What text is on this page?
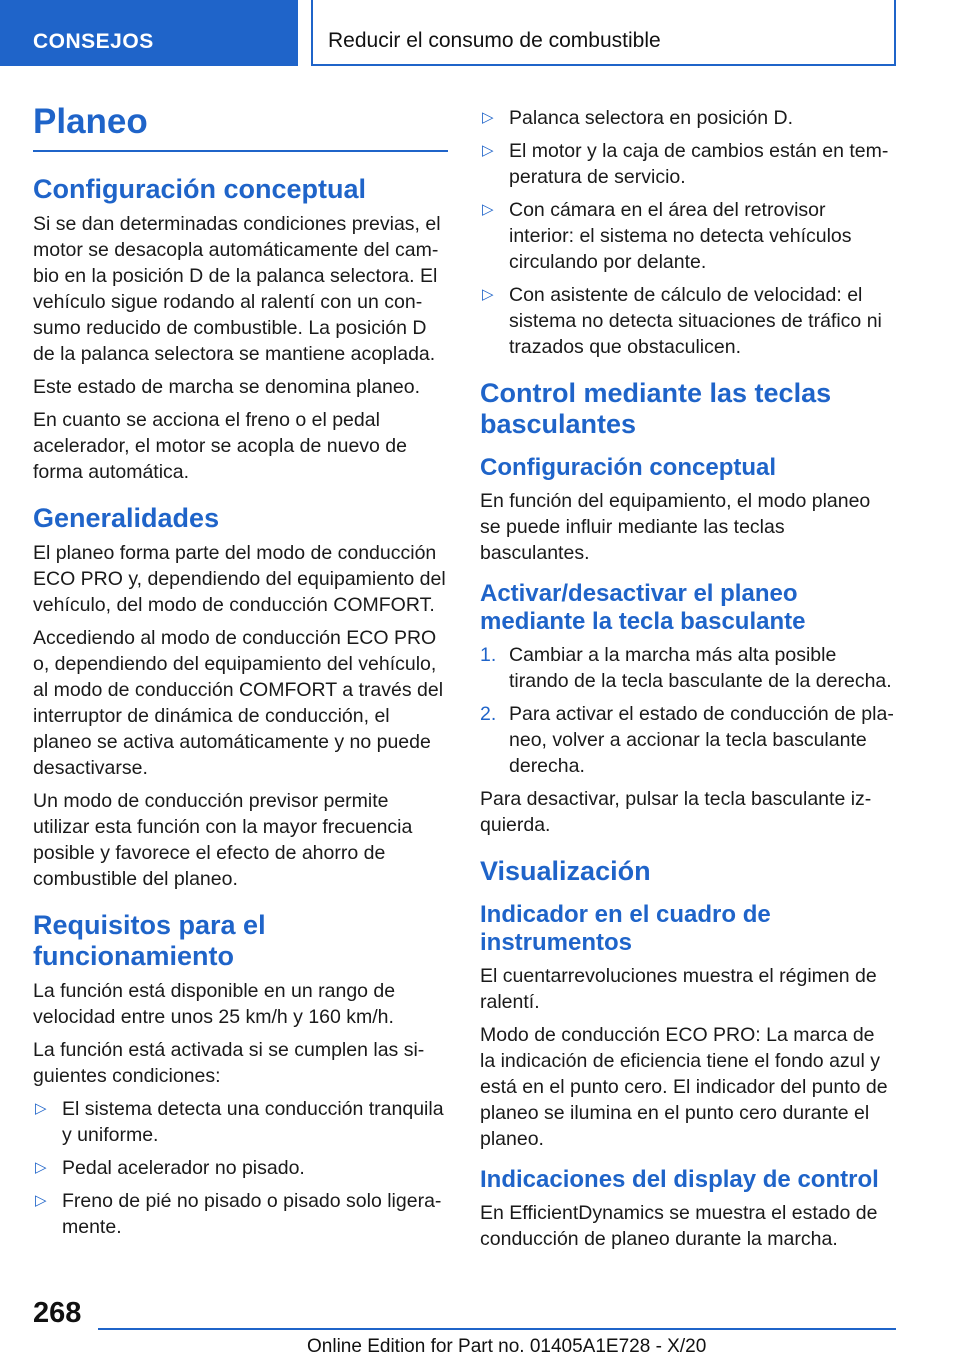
CONSEJOS	Reducir el consumo de combustible
Planeo
Configuración conceptual

Si se dan determinadas condiciones previas, el motor se desacopla automáticamente del cambio en la posición D de la palanca selectora. El vehículo sigue rodando al ralentí con un consumo reducido de combustible. La posición D de la palanca selectora se mantiene acoplada.

Este estado de marcha se denomina planeo.

En cuanto se acciona el freno o el pedal acelerador, el motor se acopla de nuevo de forma automática.

Generalidades

El planeo forma parte del modo de conducción ECO PRO y, dependiendo del equipamiento del vehículo, del modo de conducción COMFORT.

Accediendo al modo de conducción ECO PRO o, dependiendo del equipamiento del vehículo, al modo de conducción COMFORT a través del interruptor de dinámica de conducción, el planeo se activa automáticamente y no puede desactivarse.

Un modo de conducción previsor permite utilizar esta función con la mayor frecuencia posible y favorece el efecto de ahorro de combustible del planeo.

Requisitos para el funcionamiento

La función está disponible en un rango de velocidad entre unos 25 km/h y 160 km/h.

La función está activada si se cumplen las siguientes condiciones:

▷ El sistema detecta una conducción tranquila y uniforme.
▷ Pedal acelerador no pisado.
▷ Freno de pié no pisado o pisado solo ligeramente.
▷ Palanca selectora en posición D.
▷ El motor y la caja de cambios están en temperatura de servicio.
▷ Con cámara en el área del retrovisor interior: el sistema no detecta vehículos circulando por delante.
▷ Con asistente de cálculo de velocidad: el sistema no detecta situaciones de tráfico ni trazados que obstaculicen.
Control mediante las teclas basculantes
Configuración conceptual

En función del equipamiento, el modo planeo se puede influir mediante las teclas basculantes.

Activar/desactivar el planeo mediante la tecla basculante
1. Cambiar a la marcha más alta posible tirando de la tecla basculante de la derecha.
2. Para activar el estado de conducción de planeo, volver a accionar la tecla basculante derecha.

Para desactivar, pulsar la tecla basculante izquierda.

Visualización
Indicador en el cuadro de instrumentos

El cuentarrevoluciones muestra el régimen de ralentí.

Modo de conducción ECO PRO: La marca de la indicación de eficiencia tiene el fondo azul y está en el punto cero. El indicador del punto de planeo se ilumina en el punto cero durante el planeo.

Indicaciones del display de control

En EfficientDynamics se muestra el estado de conducción de planeo durante la marcha.

268
Online Edition for Part no. 01405A1E728 - X/20
